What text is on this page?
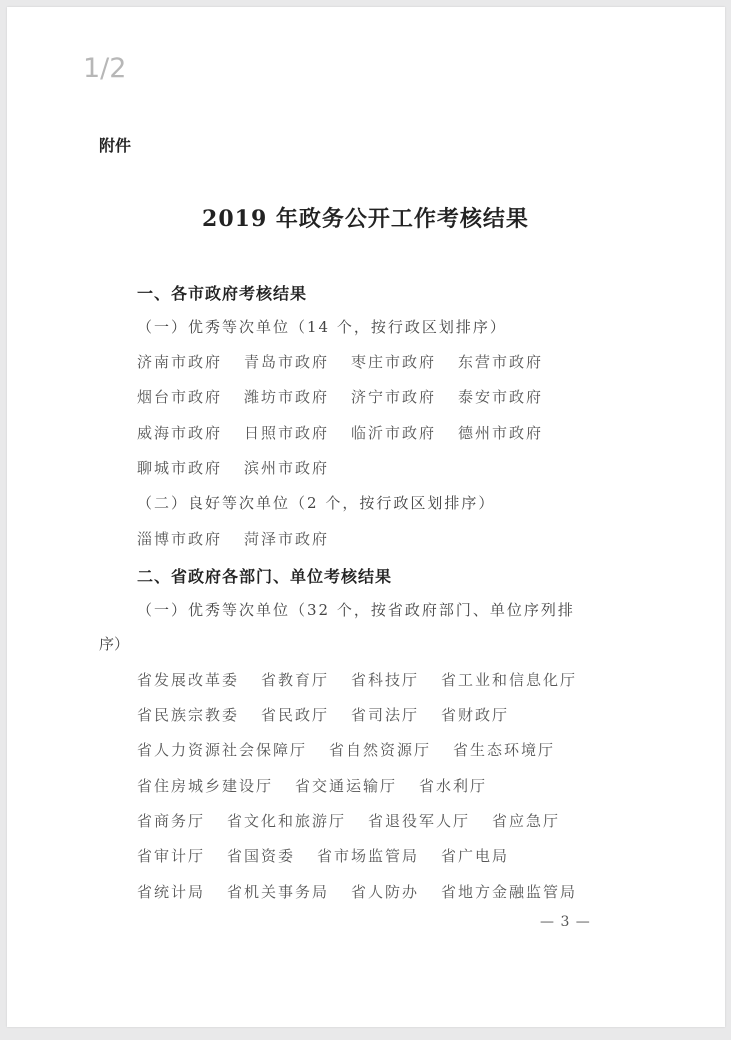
1/2
附件
2019 年政务公开工作考核结果
一、各市政府考核结果
（一）优秀等次单位（14 个，按行政区划排序）
济南市政府 青岛市政府 枣庄市政府 东营市政府
烟台市政府 潍坊市政府 济宁市政府 泰安市政府
威海市政府 日照市政府 临沂市政府 德州市政府
聊城市政府 滨州市政府
（二）良好等次单位（2 个，按行政区划排序）
淄博市政府 菏泽市政府
二、省政府各部门、单位考核结果
（一）优秀等次单位（32 个，按省政府部门、单位序列排
序）
省发展改革委 省教育厅 省科技厅 省工业和信息化厅
省民族宗教委 省民政厅 省司法厅 省财政厅
省人力资源社会保障厅 省自然资源厅 省生态环境厅
省住房城乡建设厅 省交通运输厅 省水利厅
省商务厅 省文化和旅游厅 省退役军人厅 省应急厅
省审计厅 省国资委 省市场监管局 省广电局
省统计局 省机关事务局 省人防办 省地方金融监管局
— 3 —
